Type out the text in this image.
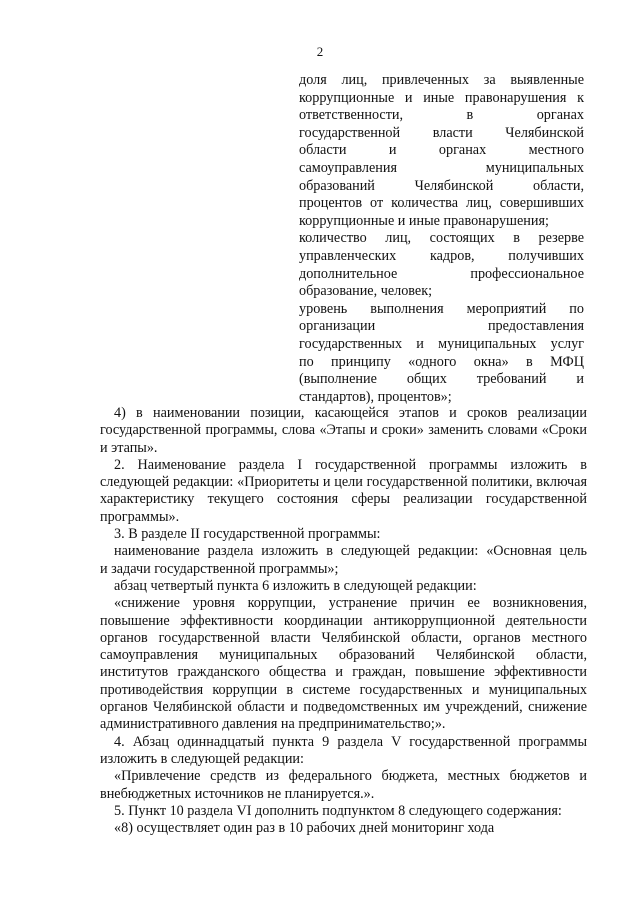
2
доля лиц, привлеченных за выявленные
коррупционные и иные правонарушения к
ответственности, в органах
государственной власти Челябинской
области и органах местного
самоуправления муниципальных
образований Челябинской области,
процентов от количества лиц, совершивших
коррупционные и иные правонарушения;
количество лиц, состоящих в резерве
управленческих кадров, получивших
дополнительное профессиональное
образование, человек;
уровень выполнения мероприятий по
организации предоставления
государственных и муниципальных услуг
по принципу «одного окна» в МФЦ
(выполнение общих требований и
стандартов), процентов»;
4) в наименовании позиции, касающейся этапов и сроков реализации
государственной программы, слова «Этапы и сроки» заменить словами «Сроки
и этапы».
2. Наименование раздела I государственной программы изложить в
следующей редакции: «Приоритеты и цели государственной политики, включая
характеристику текущего состояния сферы реализации государственной
программы».
3. В разделе II государственной программы:
наименование раздела изложить в следующей редакции: «Основная цель
и задачи государственной программы»;
абзац четвертый пункта 6 изложить в следующей редакции:
«снижение уровня коррупции, устранение причин ее возникновения,
повышение эффективности координации антикоррупционной деятельности
органов государственной власти Челябинской области, органов местного
самоуправления муниципальных образований Челябинской области,
институтов гражданского общества и граждан, повышение эффективности
противодействия коррупции в системе государственных и муниципальных
органов Челябинской области и подведомственных им учреждений, снижение
административного давления на предпринимательство;».
4. Абзац одиннадцатый пункта 9 раздела V государственной программы
изложить в следующей редакции:
«Привлечение средств из федерального бюджета, местных бюджетов и
внебюджетных источников не планируется.».
5. Пункт 10 раздела VI дополнить подпунктом 8 следующего содержания:
«8) осуществляет один раз в 10 рабочих дней мониторинг хода
